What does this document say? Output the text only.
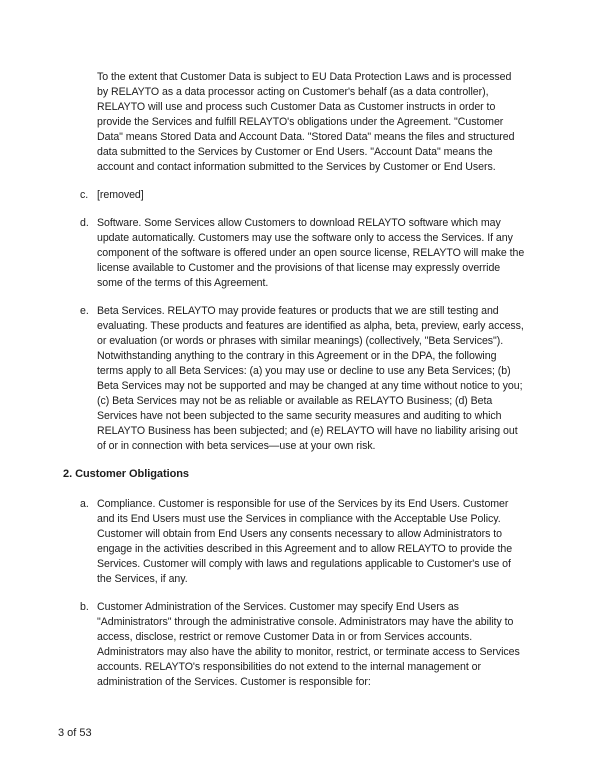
To the extent that Customer Data is subject to EU Data Protection Laws and is processed by RELAYTO as a data processor acting on Customer's behalf (as a data controller), RELAYTO will use and process such Customer Data as Customer instructs in order to provide the Services and fulfill RELAYTO's obligations under the Agreement. "Customer Data" means Stored Data and Account Data. "Stored Data" means the files and structured data submitted to the Services by Customer or End Users. "Account Data" means the account and contact information submitted to the Services by Customer or End Users.

c. [removed]

d. Software. Some Services allow Customers to download RELAYTO software which may update automatically. Customers may use the software only to access the Services. If any component of the software is offered under an open source license, RELAYTO will make the license available to Customer and the provisions of that license may expressly override some of the terms of this Agreement.

e. Beta Services. RELAYTO may provide features or products that we are still testing and evaluating. These products and features are identified as alpha, beta, preview, early access, or evaluation (or words or phrases with similar meanings) (collectively, "Beta Services"). Notwithstanding anything to the contrary in this Agreement or in the DPA, the following terms apply to all Beta Services: (a) you may use or decline to use any Beta Services; (b) Beta Services may not be supported and may be changed at any time without notice to you; (c) Beta Services may not be as reliable or available as RELAYTO Business; (d) Beta Services have not been subjected to the same security measures and auditing to which RELAYTO Business has been subjected; and (e) RELAYTO will have no liability arising out of or in connection with beta services—use at your own risk.

2. Customer Obligations
a. Compliance. Customer is responsible for use of the Services by its End Users. Customer and its End Users must use the Services in compliance with the Acceptable Use Policy. Customer will obtain from End Users any consents necessary to allow Administrators to engage in the activities described in this Agreement and to allow RELAYTO to provide the Services. Customer will comply with laws and regulations applicable to Customer's use of the Services, if any.

b. Customer Administration of the Services. Customer may specify End Users as "Administrators" through the administrative console. Administrators may have the ability to access, disclose, restrict or remove Customer Data in or from Services accounts. Administrators may also have the ability to monitor, restrict, or terminate access to Services accounts. RELAYTO's responsibilities do not extend to the internal management or administration of the Services. Customer is responsible for:

3 of 53
